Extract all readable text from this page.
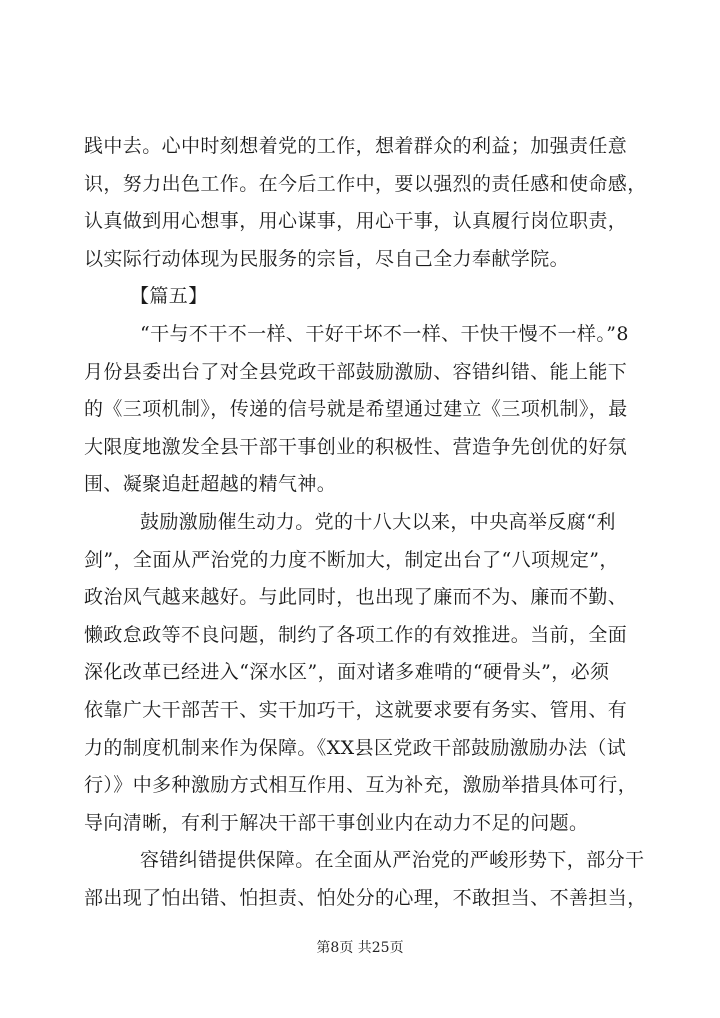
践中去。心中时刻想着党的工作，想着群众的利益；加强责任意
识，努力出色工作。在今后工作中，要以强烈的责任感和使命感，
认真做到用心想事，用心谋事，用心干事，认真履行岗位职责，
以实际行动体现为民服务的宗旨，尽自己全力奉献学院。
【篇五】
“干与不干不一样、干好干坏不一样、干快干慢不一样。”8
月份县委出台了对全县党政干部鼓励激励、容错纠错、能上能下
的《三项机制》，传递的信号就是希望通过建立《三项机制》，最
大限度地激发全县干部干事创业的积极性、营造争先创优的好氛
围、凝聚追赶超越的精气神。
鼓励激励催生动力。党的十八大以来，中央高举反腐“利
剑”，全面从严治党的力度不断加大，制定出台了“八项规定”，
政治风气越来越好。与此同时，也出现了廉而不为、廉而不勤、
懒政怠政等不良问题，制约了各项工作的有效推进。当前，全面
深化改革已经进入“深水区”，面对诸多难啃的“硬骨头”，必须
依靠广大干部苦干、实干加巧干，这就要求要有务实、管用、有
力的制度机制来作为保障。《XX县区党政干部鼓励激励办法（试
行）》中多种激励方式相互作用、互为补充，激励举措具体可行，
导向清晰，有利于解决干部干事创业内在动力不足的问题。
容错纠错提供保障。在全面从严治党的严峻形势下，部分干
部出现了怕出错、怕担责、怕处分的心理，不敢担当、不善担当，
第8页 共25页
